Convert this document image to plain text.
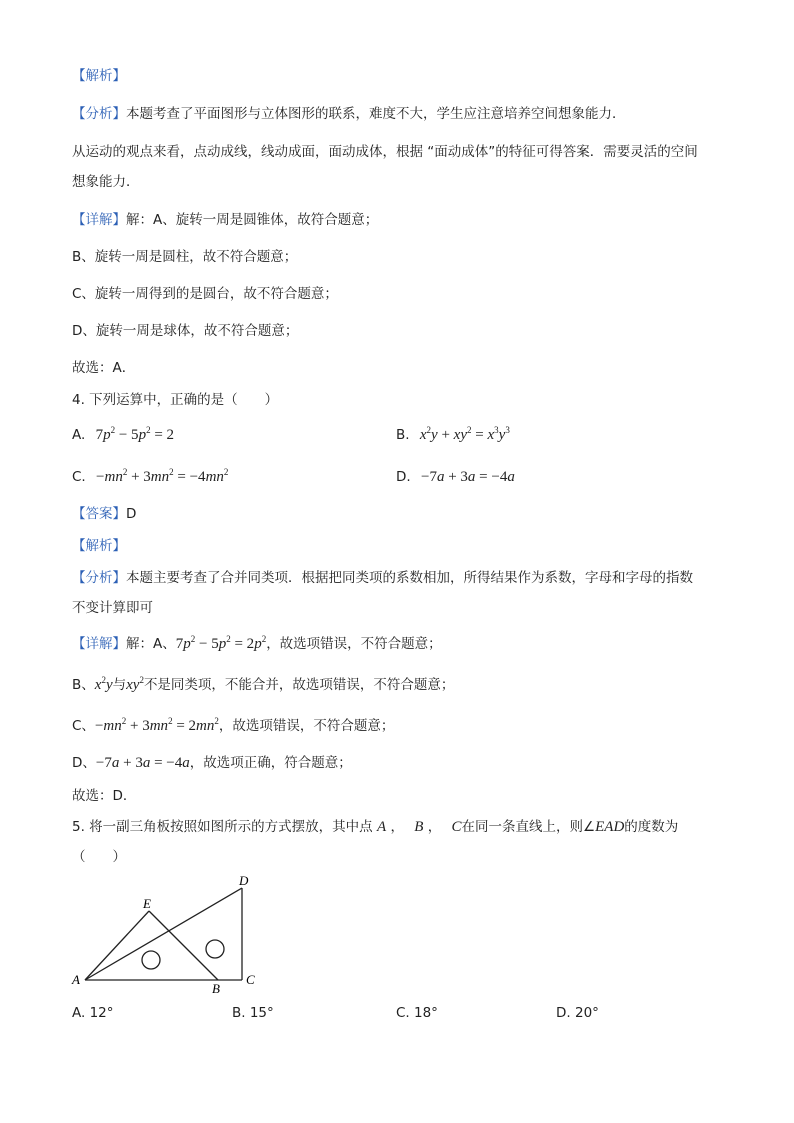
【解析】
【分析】本题考查了平面图形与立体图形的联系，难度不大，学生应注意培养空间想象能力．
从运动的观点来看，点动成线，线动成面，面动成体，根据 “面动成体”的特征可得答案．需要灵活的空间
想象能力．
【详解】解：A、旋转一周是圆锥体，故符合题意；
B、旋转一周是圆柱，故不符合题意；
C、旋转一周得到的是圆台，故不符合题意；
D、旋转一周是球体，故不符合题意；
故选：A．
4. 下列运算中，正确的是（　　）
A. $7p^2 - 5p^2 = 2$	B. $x^2y + xy^2 = x^3y^3$
C. $-mn^2 + 3mn^2 = -4mn^2$	D. −7a + 3a = −4a
【答案】D
【解析】
【分析】本题主要考查了合并同类项．根据把同类项的系数相加，所得结果作为系数，字母和字母的指数
不变计算即可
【详解】解：A、$7p^2 - 5p^2 = 2p^2$，故选项错误，不符合题意；
B、$x^2y$与$xy^2$不是同类项，不能合并，故选项错误，不符合题意；
C、$-mn^2 + 3mn^2 = 2mn^2$，故选项错误，不符合题意；
D、−7a + 3a = −4a，故选项正确，符合题意；
故选：D．
5. 将一副三角板按照如图所示的方式摆放，其中点 A ， B ， C在同一条直线上，则∠EAD的度数为
（　　）
A
B
C
D
E
A. 12°	B. 15°	C. 18°	D. 20°
